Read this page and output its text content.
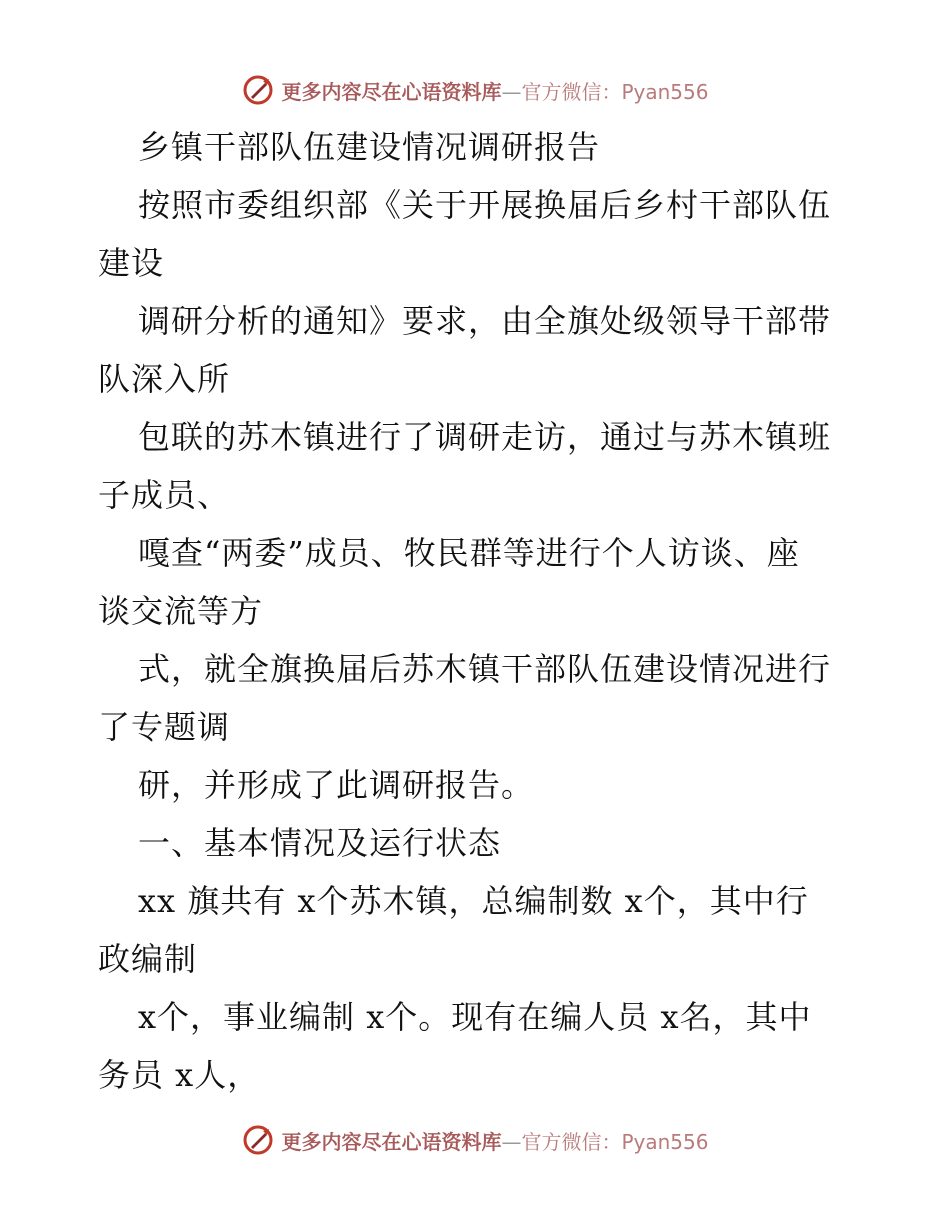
更多内容尽在心语资料库—官方微信：Pyan556

乡镇干部队伍建设情况调研报告

按照市委组织部《关于开展换届后乡村干部队伍

建设

调研分析的通知》要求，由全旗处级领导干部带

队深入所

包联的苏木镇进行了调研走访，通过与苏木镇班

子成员、

嘎查“两委”成员、牧民群等进行个人访谈、座

谈交流等方

式，就全旗换届后苏木镇干部队伍建设情况进行

了专题调

研，并形成了此调研报告。

一、基本情况及运行状态

xx 旗共有 x个苏木镇，总编制数 x个，其中行

政编制

x个，事业编制 x个。现有在编人员 x名，其中

务员 x人，

更多内容尽在心语资料库—官方微信：Pyan556
